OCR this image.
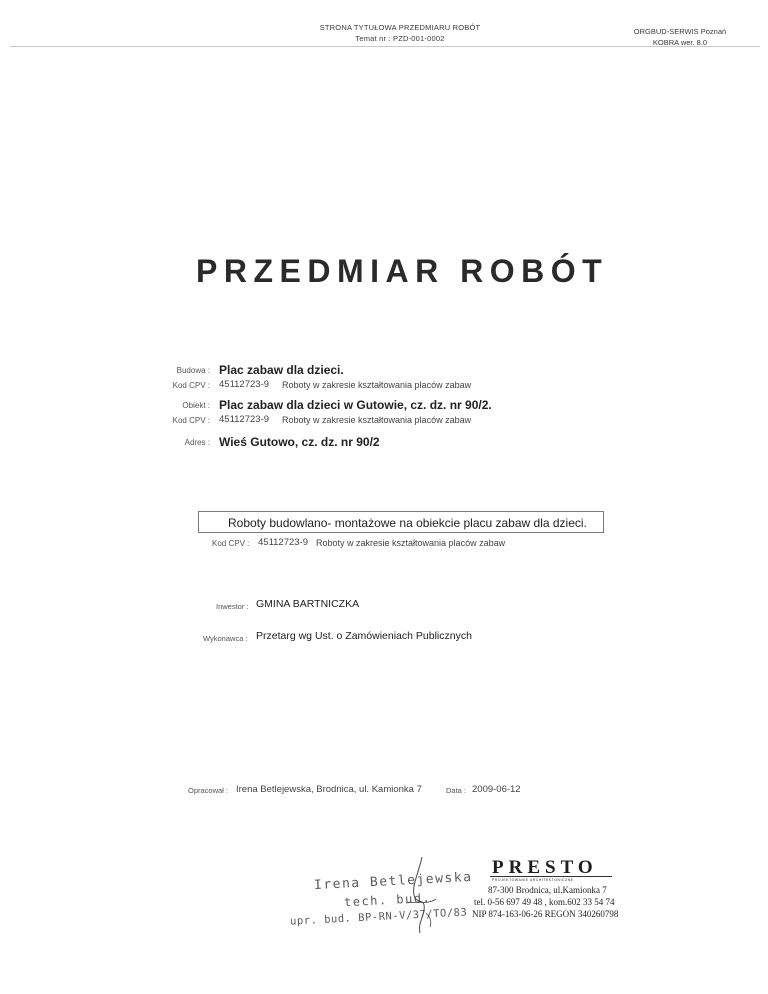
STRONA TYTUŁOWA PRZEDMIARU ROBÓT
Temat nr : PZD-001-0002
ORGBUD-SERWIS Poznań
KOBRA wer. 8.0
PRZEDMIAR ROBÓT
Budowa : Plac zabaw dla dzieci.
Kod CPV : 45112723-9 Roboty w zakresie kształtowania placów zabaw
Obiekt : Plac zabaw dla dzieci w Gutowie, cz. dz. nr 90/2.
Kod CPV : 45112723-9 Roboty w zakresie kształtowania placów zabaw
Adres : Wieś Gutowo, cz. dz. nr 90/2
Roboty budowlano- montażowe na obiekcie placu zabaw dla dzieci.
Kod CPV : 45112723-9 Roboty w zakresie kształtowania placów zabaw
Inwestor : GMINA BARTNICZKA
Wykonawca : Przetarg wg Ust. o Zamówieniach Publicznych
Opracował : Irena Betlejewska, Brodnica, ul. Kamionka 7	Data : 2009-06-12
Irena Betlejewska
tech. bud.
upr. bud. BP-RN-V/37/TO/83
PRESTO
PROJEKTOWANIE ARCHITEKTONICZNE
87-300 Brodnica, ul.Kamionka 7
tel. 0-56 697 49 48 , kom.602 33 54 74
NIP 874-163-06-26 REGON 340260798
